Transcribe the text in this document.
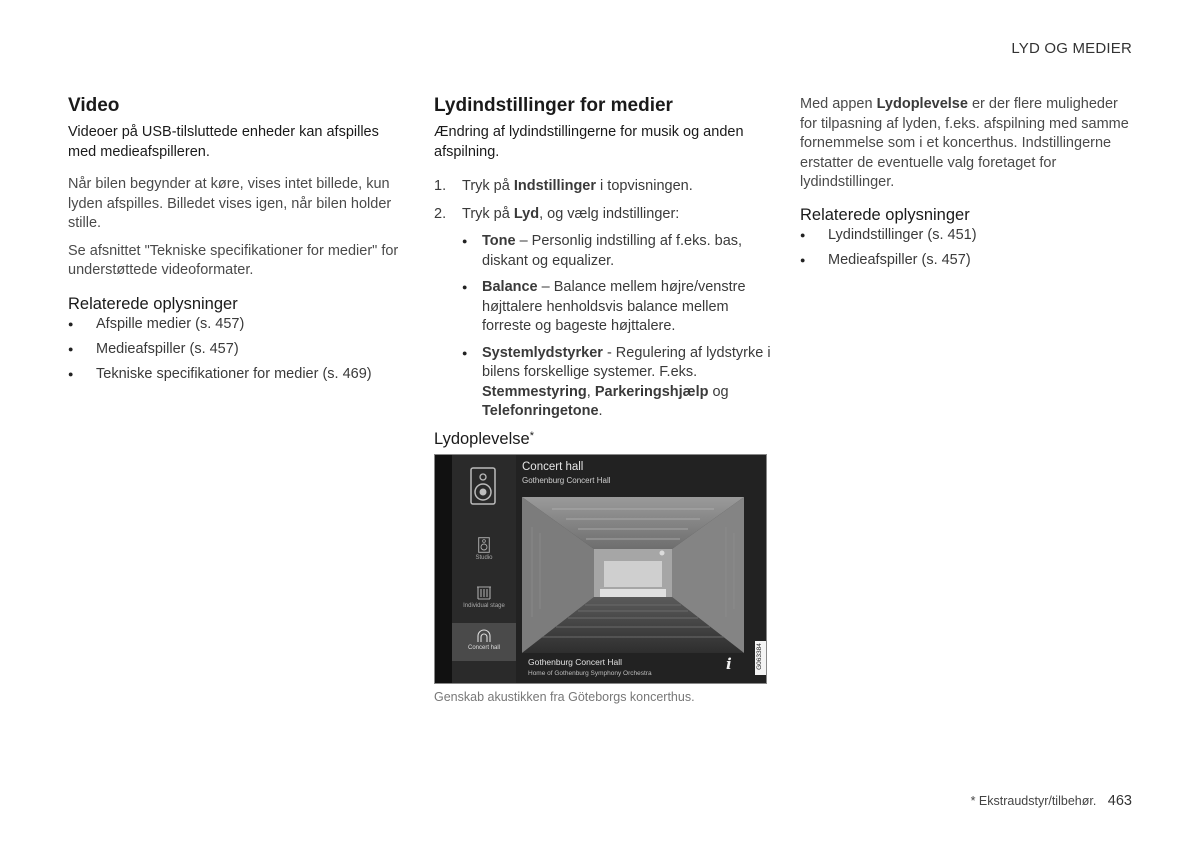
LYD OG MEDIER
Video

Videoer på USB-tilsluttede enheder kan afspilles med medieafspilleren.

Når bilen begynder at køre, vises intet billede, kun lyden afspilles. Billedet vises igen, når bilen holder stille.

Se afsnittet "Tekniske specifikationer for medier" for understøttede videoformater.

Relaterede oplysninger
● Afspille medier (s. 457)
● Medieafspiller (s. 457)
● Tekniske specifikationer for medier (s. 469)
Lydindstillinger for medier

Ændring af lydindstillingerne for musik og anden afspilning.

1. Tryk på Indstillinger i topvisningen.
2. Tryk på Lyd, og vælg indstillinger:
● Tone – Personlig indstilling af f.eks. bas, diskant og equalizer.
● Balance – Balance mellem højre/venstre højttalere henholdsvis balance mellem forreste og bageste højttalere.
● Systemlydstyrker - Regulering af lydstyrke i bilens forskellige systemer. F.eks. Stemmestyring, Parkeringshjælp og Telefonringetone.
Lydoplevelse*
Studio
Individual stage
Concert hall
Concert hall
Gothenburg Concert Hall
Gothenburg Concert Hall
Home of Gothenburg Symphony Orchestra
i	G063384
Genskab akustikken fra Göteborgs koncerthus.

Med appen Lydoplevelse er der flere muligheder for tilpasning af lyden, f.eks. afspilning med samme fornemmelse som i et koncerthus. Indstillingerne erstatter de eventuelle valg foretaget for lydindstillinger.

Relaterede oplysninger
● Lydindstillinger (s. 451)
● Medieafspiller (s. 457)
* Ekstraudstyr/tilbehør. 463
